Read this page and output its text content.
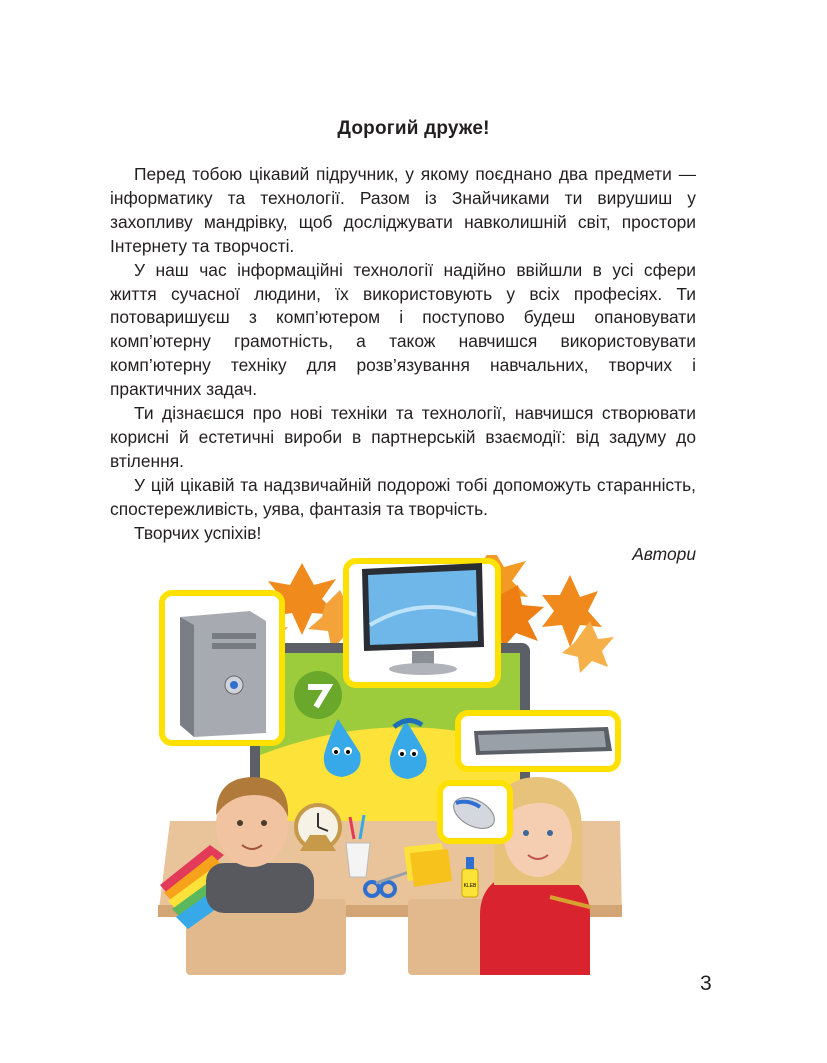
Дорогий друже!

Перед тобою цікавий підручник, у якому поєднано два предмети — інформатику та технології. Разом із Знайчиками ти вирушиш у захопливу мандрівку, щоб досліджувати навколишній світ, простори Інтернету та творчості.

У наш час інформаційні технології надійно ввійшли в усі сфери життя сучасної людини, їх використовують у всіх професіях. Ти потоваришуєш з комп’ютером і поступово будеш опановувати комп’ютерну грамотність, а також навчишся використовувати комп’ютерну техніку для розв’язування навчальних, творчих і практичних задач.

Ти дізнаєшся про нові техніки та технології, навчишся створювати корисні й естетичні вироби в партнерській взаємодії: від задуму до втілення.

У цій цікавій та надзвичайній подорожі тобі допоможуть старанність, спостережливість, уява, фантазія та творчість.

Творчих успіхів!

Автори
KLEB
3
